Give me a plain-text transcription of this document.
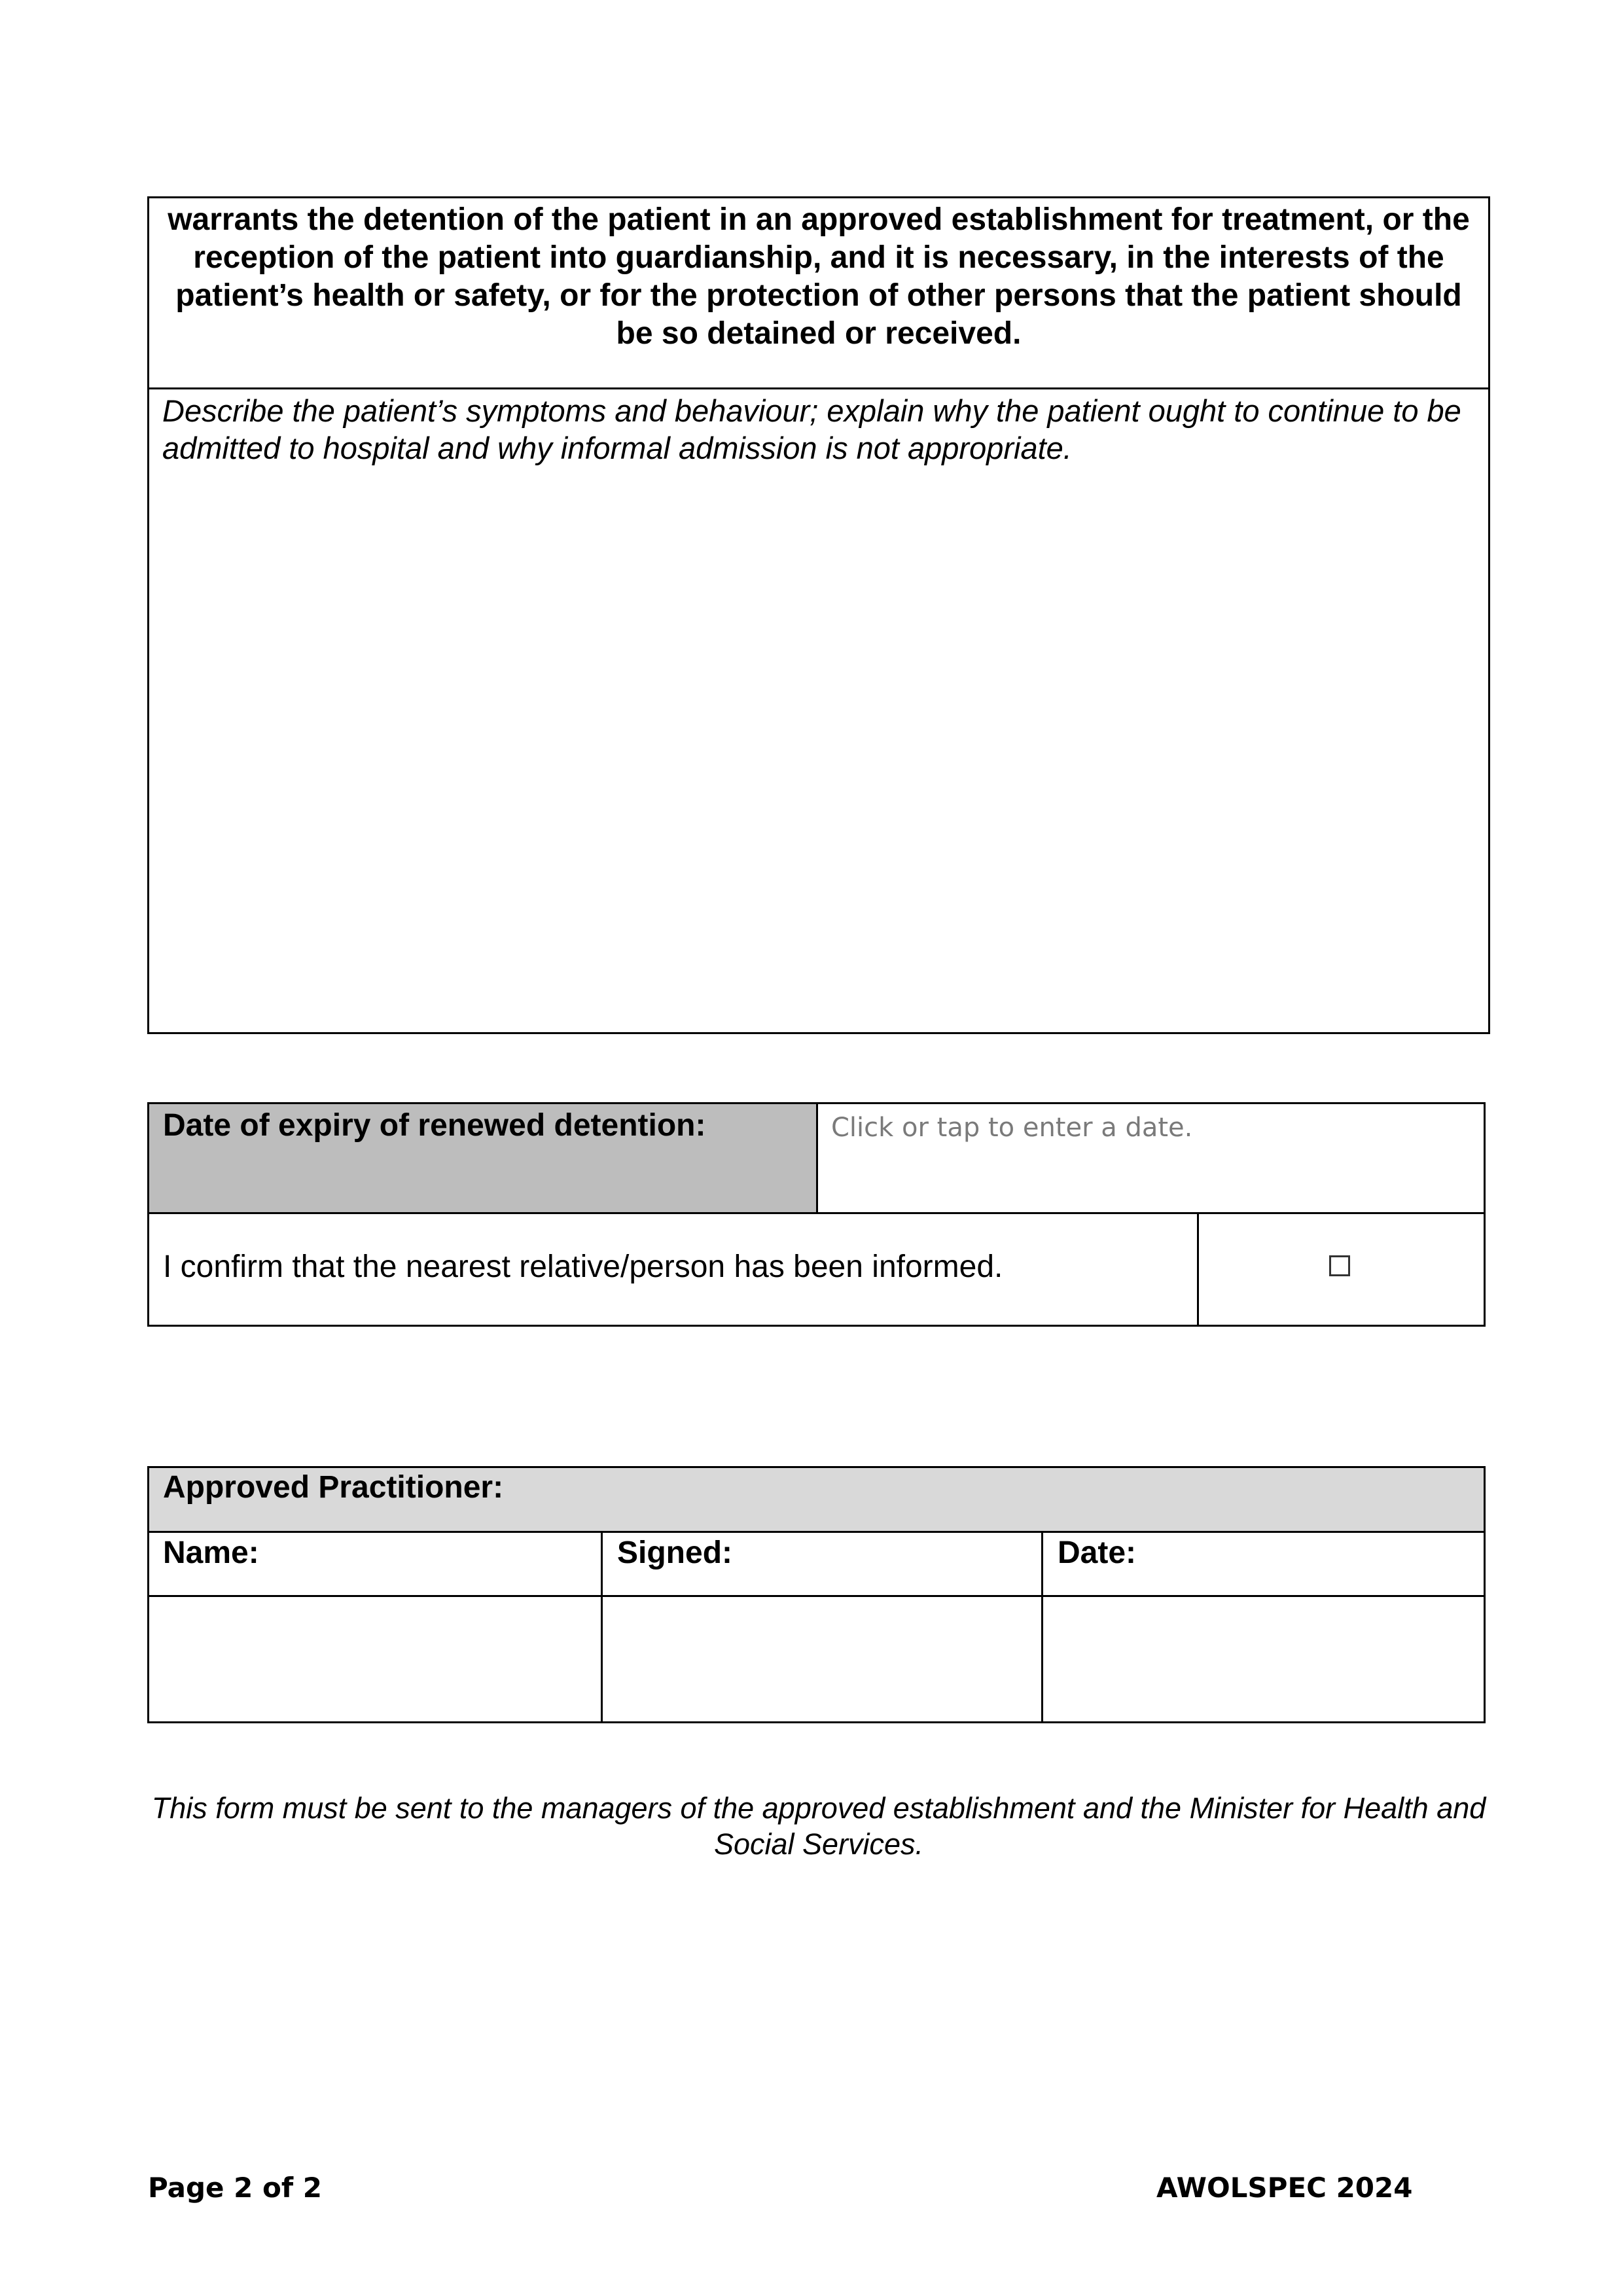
warrants the detention of the patient in an approved establishment for treatment, or the reception of the patient into guardianship, and it is necessary, in the interests of the patient’s health or safety, or for the protection of other persons that the patient should be so detained or received.
Describe the patient’s symptoms and behaviour; explain why the patient ought to continue to be admitted to hospital and why informal admission is not appropriate.
Date of expiry of renewed detention:	Click or tap to enter a date.
I confirm that the nearest relative/person has been informed.
Approved Practitioner:
Name:	Signed:	Date:
This form must be sent to the managers of the approved establishment and the Minister for Health and Social Services.
Page 2 of 2	AWOLSPEC 2024
